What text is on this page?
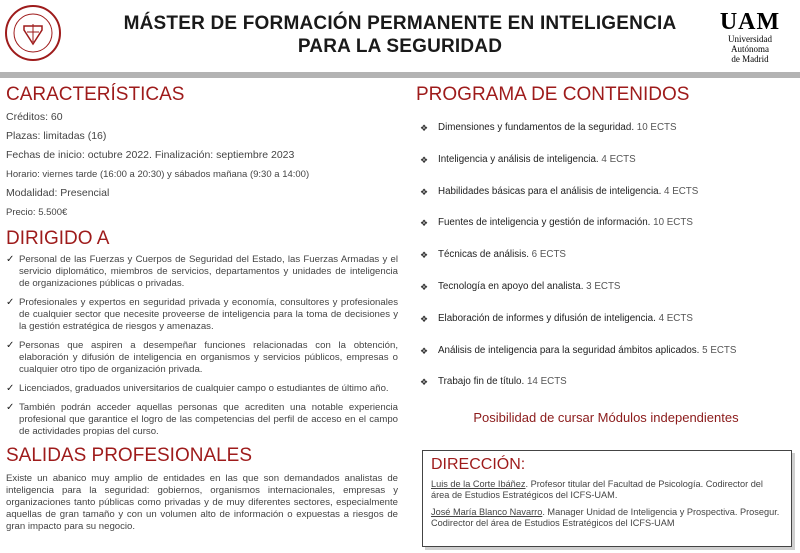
MÁSTER DE FORMACIÓN PERMANENTE EN INTELIGENCIA
PARA LA SEGURIDAD
UAM
Universidad Autónoma
de Madrid
CARACTERÍSTICAS
Créditos: 60
Plazas: limitadas (16)
Fechas de inicio: octubre 2022. Finalización: septiembre 2023
Horario: viernes tarde (16:00 a 20:30) y sábados mañana (9:30 a 14:00)
Modalidad: Presencial
Precio: 5.500€
DIRIGIDO A
✓ Personal de las Fuerzas y Cuerpos de Seguridad del Estado, las Fuerzas Armadas y el servicio diplomático, miembros de servicios, departamentos y unidades de inteligencia de organizaciones públicas o privadas.
✓ Profesionales y expertos en seguridad privada y economía, consultores y profesionales de cualquier sector que necesite proveerse de inteligencia para la toma de decisiones y la gestión estratégica de riesgos y amenazas.
✓ Personas que aspiren a desempeñar funciones relacionadas con la obtención, elaboración y difusión de inteligencia en organismos y servicios públicos, empresas o cualquier otro tipo de organización privada.
✓ Licenciados, graduados universitarios de cualquier campo o estudiantes de último año.
✓ También podrán acceder aquellas personas que acrediten una notable experiencia profesional que garantice el logro de las competencias del perfil de acceso en el campo de actividades propias del curso.
SALIDAS PROFESIONALES
Existe un abanico muy amplio de entidades en las que son demandados analistas de inteligencia para la seguridad: gobiernos, organismos internacionales, empresas y organizaciones tanto públicas como privadas y de muy diferentes sectores, especialmente aquellas de gran tamaño y con un volumen alto de información o expuestas a riesgos de gran impacto para su negocio.
PROGRAMA DE CONTENIDOS
❖ Dimensiones y fundamentos de la seguridad. 10 ECTS
❖ Inteligencia y análisis de inteligencia. 4 ECTS
❖ Habilidades básicas para el análisis de inteligencia. 4 ECTS
❖ Fuentes de inteligencia y gestión de información. 10 ECTS
❖ Técnicas de análisis. 6 ECTS
❖ Tecnología en apoyo del analista. 3 ECTS
❖ Elaboración de informes y difusión de inteligencia. 4 ECTS
❖ Análisis de inteligencia para la seguridad ámbitos aplicados. 5 ECTS
❖ Trabajo fin de título. 14 ECTS
Posibilidad de cursar Módulos independientes
DIRECCIÓN:
Luis de la Corte Ibáñez. Profesor titular del Facultad de Psicología. Codirector del área de Estudios Estratégicos del ICFS-UAM.
José María Blanco Navarro. Manager Unidad de Inteligencia y Prospectiva. Prosegur. Codirector del área de Estudios Estratégicos del ICFS-UAM
